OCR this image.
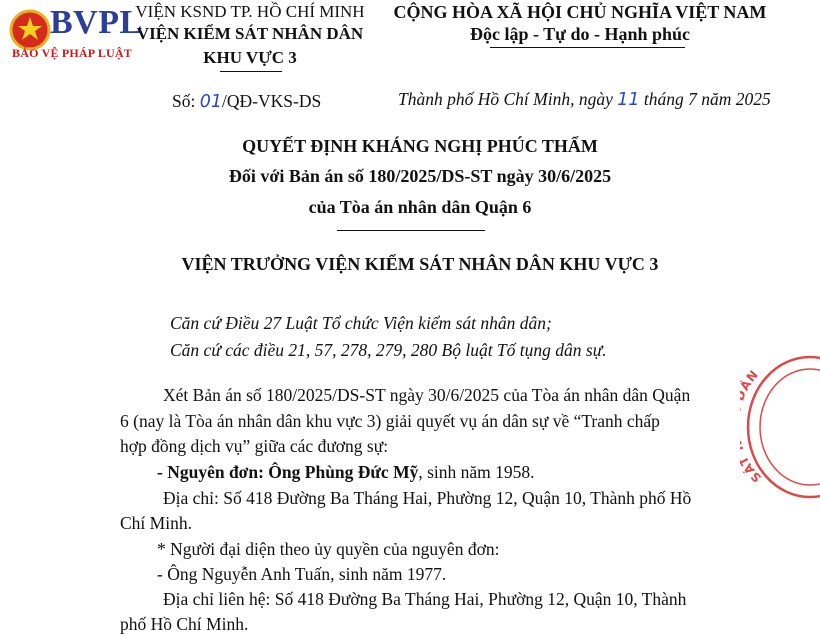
BVPL
BẢO VỆ PHÁP LUẬT
VIỆN KSND TP. HỒ CHÍ MINH
VIỆN KIỂM SÁT NHÂN DÂN
KHU VỰC 3
CỘNG HÒA XÃ HỘI CHỦ NGHĨA VIỆT NAM
Độc lập - Tự do - Hạnh phúc
Số: 01/QĐ-VKS-DS	Thành phố Hồ Chí Minh, ngày 11 tháng 7 năm 2025
QUYẾT ĐỊNH KHÁNG NGHỊ PHÚC THẨM
Đối với Bản án số 180/2025/DS-ST ngày 30/6/2025
của Tòa án nhân dân Quận 6
VIỆN TRƯỞNG VIỆN KIỂM SÁT NHÂN DÂN KHU VỰC 3
Căn cứ Điều 27 Luật Tổ chức Viện kiểm sát nhân dân;
Căn cứ các điều 21, 57, 278, 279, 280 Bộ luật Tố tụng dân sự.
Xét Bản án số 180/2025/DS-ST ngày 30/6/2025 của Tòa án nhân dân Quận
6 (nay là Tòa án nhân dân khu vực 3) giải quyết vụ án dân sự về “Tranh chấp
hợp đồng dịch vụ” giữa các đương sự:
- Nguyên đơn: Ông Phùng Đức Mỹ, sinh năm 1958.
Địa chỉ: Số 418 Đường Ba Tháng Hai, Phường 12, Quận 10, Thành phố Hồ
Chí Minh.
* Người đại diện theo ủy quyền của nguyên đơn:
- Ông Nguyễn Anh Tuấn, sinh năm 1977.
Địa chỉ liên hệ: Số 418 Đường Ba Tháng Hai, Phường 12, Quận 10, Thành
phố Hồ Chí Minh.
SÁ N
